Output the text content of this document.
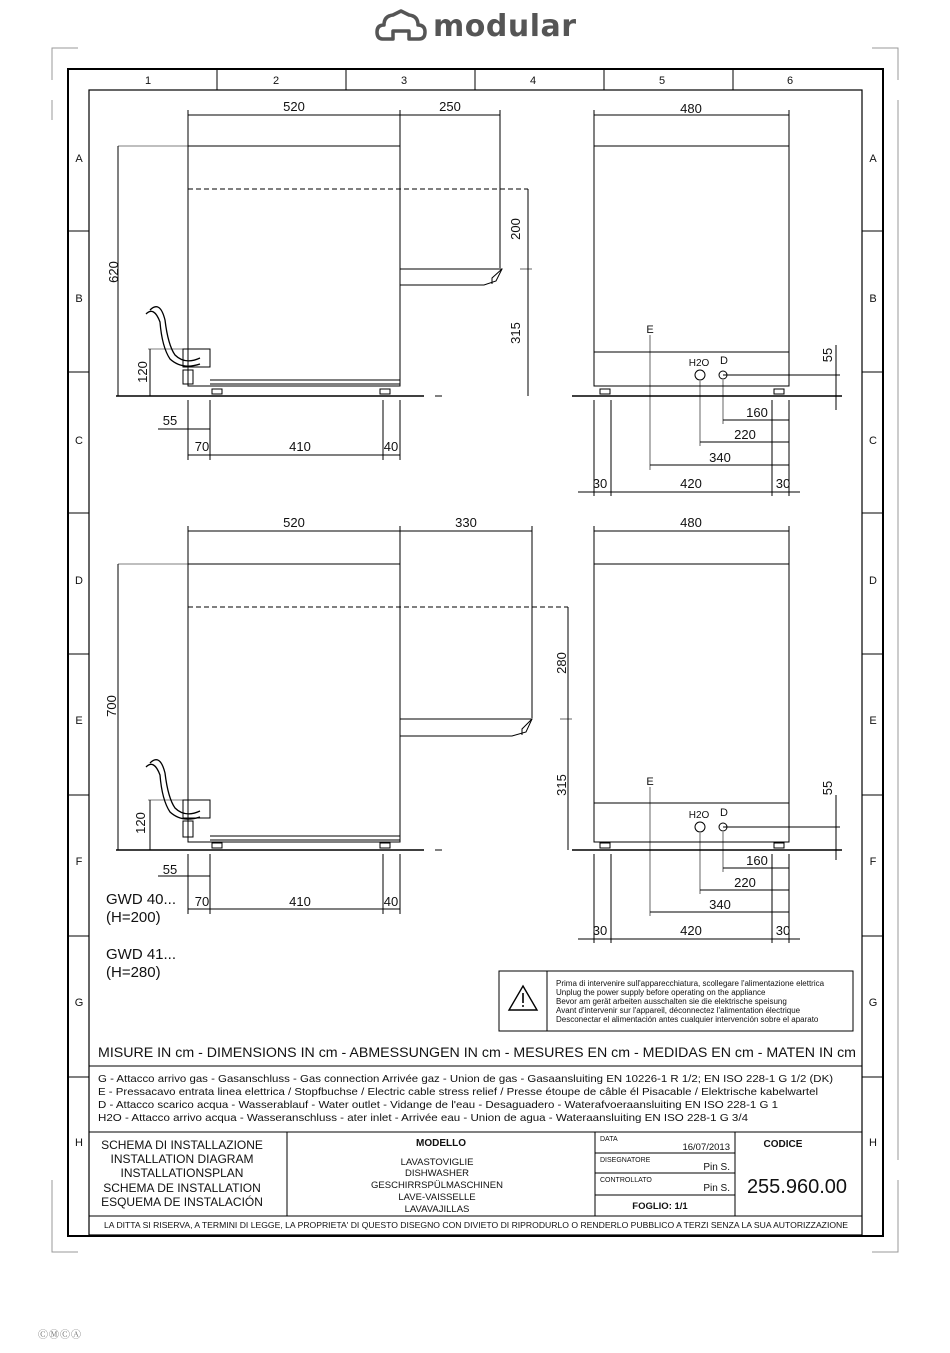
modular
1	2	3	4	5	6
A
B
C
D
E
F
G
H
A
B
C
D
E
F
G
H
520	250
620
200
315
120
55
70	410	40
480
E
H2O D	55
160
220
340
30	420	30
520	330
700
280
315
120
55
70	410	40
480
E
H2O D
55
160
220
340
30	420	30
GWD 40...
(H=200)
GWD 41...
(H=280)
Prima di intervenire sull'apparecchiatura, scollegare l'alimentazione elettrica
Unplug the power supply before operating on the appliance
Bevor am gerät arbeiten ausschalten sie die elektrische speisung
Avant d'intervenir sur l'appareil, déconnectez l'alimentation électrique
Desconectar el alimentación antes cualquier intervención sobre el aparato
MISURE IN cm - DIMENSIONS IN cm - ABMESSUNGEN IN cm - MESURES EN cm - MEDIDAS EN cm - MATEN IN cm
G - Attacco arrivo gas - Gasanschluss - Gas connection Arrivée gaz - Union de gas - Gasaansluiting EN 10226-1 R 1/2; EN ISO 228-1 G 1/2 (DK)
E - Pressacavo entrata linea elettrica / Stopfbuchse / Electric cable stress relief / Presse étoupe de câble él Pisacable / Elektrische kabelwartel
D - Attacco scarico acqua - Wasserablauf - Water outlet - Vidange de l'eau - Desaguadero - Waterafvoeraansluiting EN ISO 228-1 G 1
H2O - Attacco arrivo acqua - Wasseranschluss - ater inlet - Arrivée eau - Union de agua - Wateraansluiting EN ISO 228-1 G 3/4
SCHEMA DI INSTALLAZIONE
INSTALLATION DIAGRAM
INSTALLATIONSPLAN
SCHEMA DE INSTALLATION
ESQUEMA DE INSTALACIÓN
MODELLO
LAVASTOVIGLIE
DISHWASHER
GESCHIRRSPÜLMASCHINEN
LAVE-VAISSELLE
LAVAVAJILLAS
DATA
16/07/2013
DISEGNATORE
Pin S.
CONTROLLATO
Pin S.
FOGLIO: 1/1
CODICE
255.960.00
LA DITTA SI RISERVA, A TERMINI DI LEGGE, LA PROPRIETA' DI QUESTO DISEGNO CON DIVIETO DI RIPRODURLO O RENDERLO PUBBLICO A TERZI SENZA LA SUA AUTORIZZAZIONE
ⒸⓂⒸⒶ
